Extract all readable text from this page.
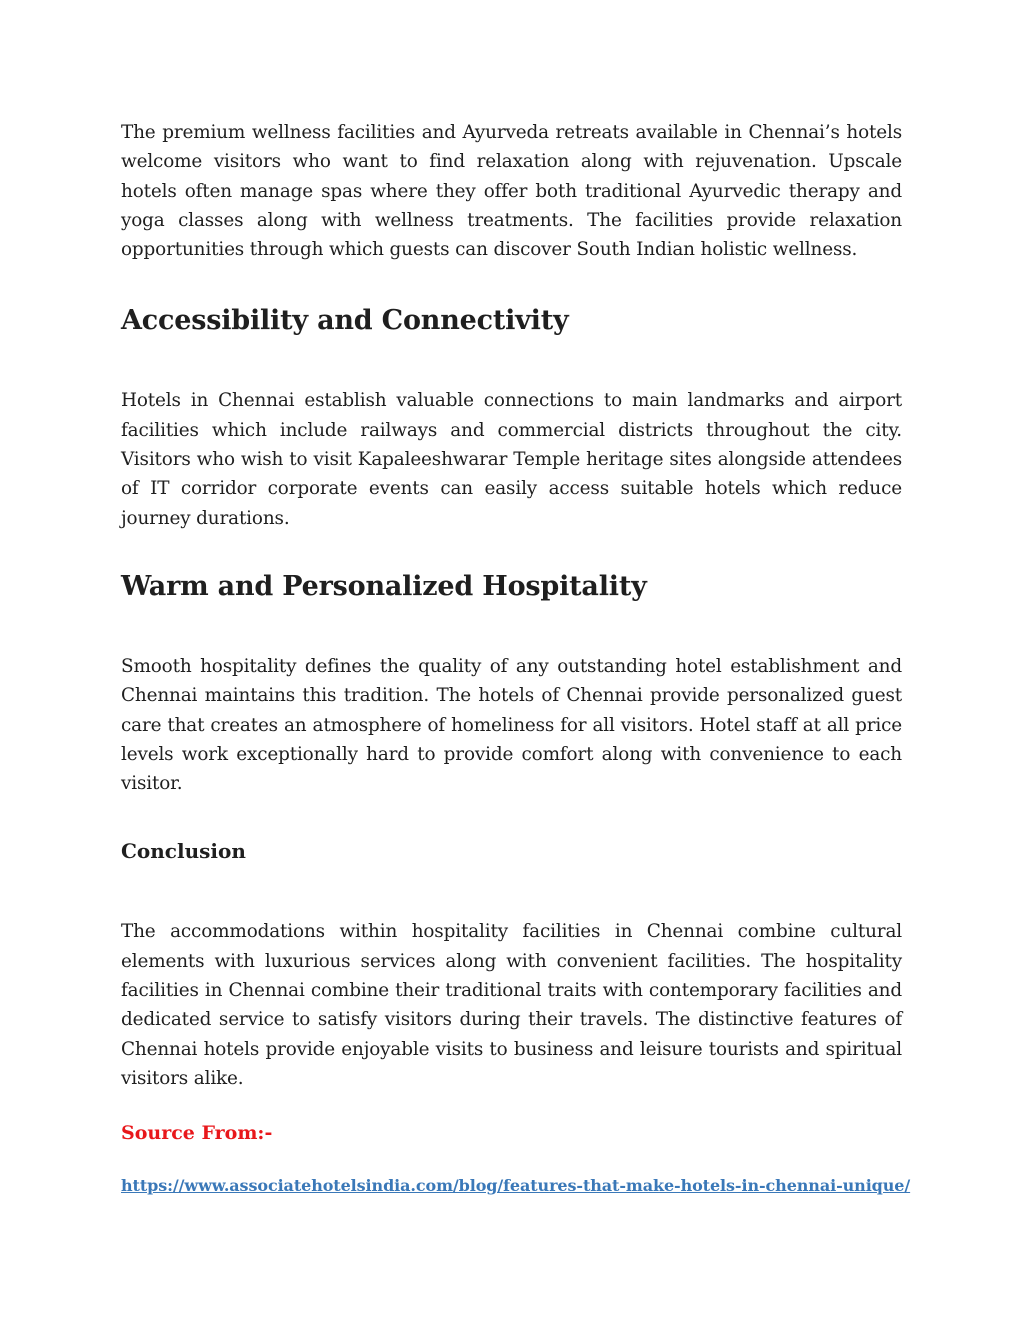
The premium wellness facilities and Ayurveda retreats available in Chennai’s hotels welcome visitors who want to find relaxation along with rejuvenation. Upscale hotels often manage spas where they offer both traditional Ayurvedic therapy and yoga classes along with wellness treatments. The facilities provide relaxation opportunities through which guests can discover South Indian holistic wellness.

Accessibility and Connectivity

Hotels in Chennai establish valuable connections to main landmarks and airport facilities which include railways and commercial districts throughout the city. Visitors who wish to visit Kapaleeshwarar Temple heritage sites alongside attendees of IT corridor corporate events can easily access suitable hotels which reduce journey durations.

Warm and Personalized Hospitality

Smooth hospitality defines the quality of any outstanding hotel establishment and Chennai maintains this tradition. The hotels of Chennai provide personalized guest care that creates an atmosphere of homeliness for all visitors. Hotel staff at all price levels work exceptionally hard to provide comfort along with convenience to each visitor.

Conclusion

The accommodations within hospitality facilities in Chennai combine cultural elements with luxurious services along with convenient facilities. The hospitality facilities in Chennai combine their traditional traits with contemporary facilities and dedicated service to satisfy visitors during their travels. The distinctive features of Chennai hotels provide enjoyable visits to business and leisure tourists and spiritual visitors alike.

Source From:-
https://www.associatehotelsindia.com/blog/features-that-make-hotels-in-chennai-unique/
